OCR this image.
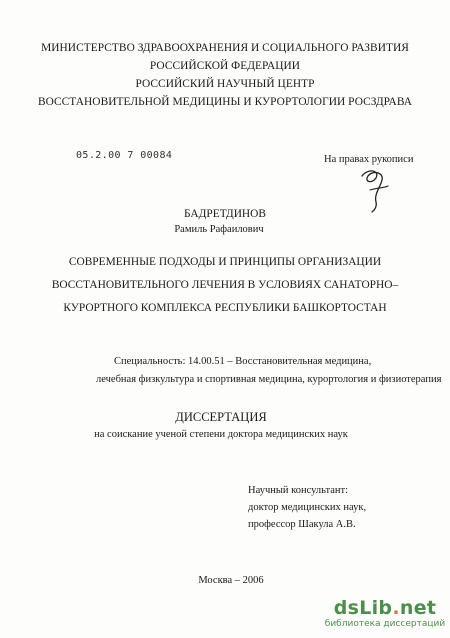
МИНИСТЕРСТВО ЗДРАВООХРАНЕНИЯ И СОЦИАЛЬНОГО РАЗВИТИЯ
РОССИЙСКОЙ ФЕДЕРАЦИИ
РОССИЙСКИЙ НАУЧНЫЙ ЦЕНТР
ВОССТАНОВИТЕЛЬНОЙ МЕДИЦИНЫ И КУРОРТОЛОГИИ РОСЗДРАВА
05.2.00 7 00084	На правах рукописи
БАДРЕТДИНОВ
Рамиль Рафаилович
СОВРЕМЕННЫЕ ПОДХОДЫ И ПРИНЦИПЫ ОРГАНИЗАЦИИ
ВОССТАНОВИТЕЛЬНОГО ЛЕЧЕНИЯ В УСЛОВИЯХ САНАТОРНО–
КУРОРТНОГО КОМПЛЕКСА РЕСПУБЛИКИ БАШКОРТОСТАН
Специальность: 14.00.51 – Восстановительная медицина,
лечебная физкультура и спортивная медицина, курортология и физиотерапия
ДИССЕРТАЦИЯ
на соискание ученой степени доктора медицинских наук
Научный консультант:
доктор медицинских наук,
профессор Шакула А.В.
Москва – 2006
dsLib.net
библиотека диссертаций
